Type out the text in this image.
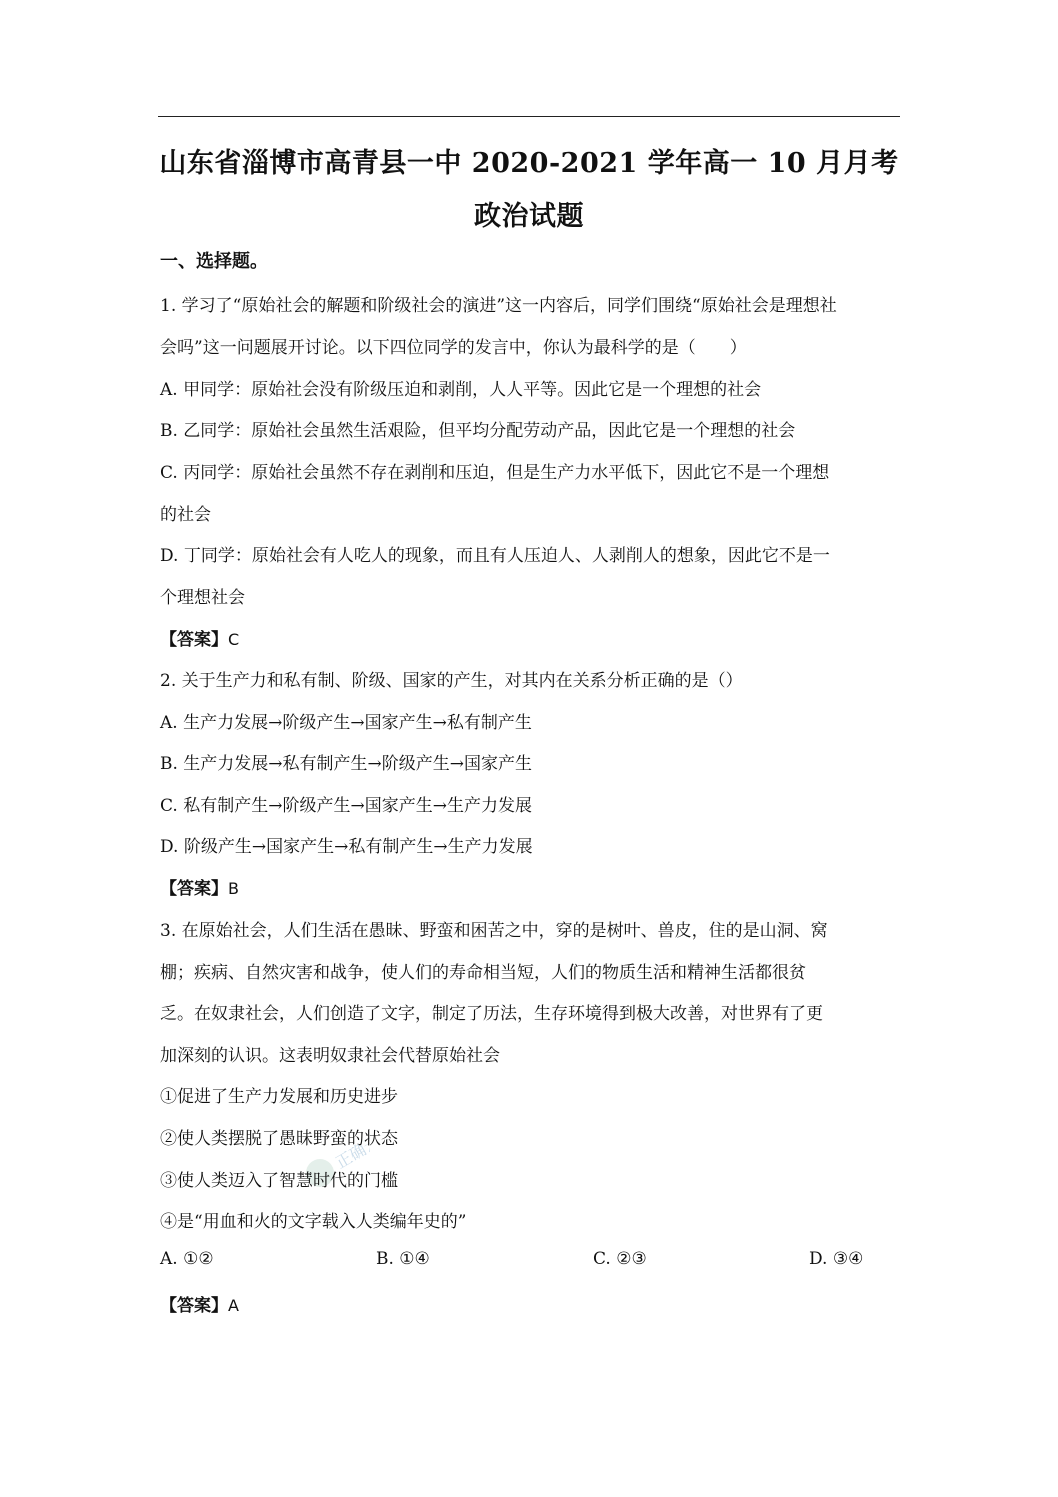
山东省淄博市高青县一中 2020-2021 学年高一 10 月月考
政治试题
一、选择题。 ​
正确云
1. 学习了“原始社会的解题和阶级社会的演进”这一内容后，同学们围绕“原始社会是理想社
会吗”这一问题展开讨论。以下四位同学的发言中，你认为最科学的是（　　）
A. 甲同学：原始社会没有阶级压迫和剥削，人人平等。因此它是一个理想的社会
B. 乙同学：原始社会虽然生活艰险，但平均分配劳动产品，因此它是一个理想的社会
C. 丙同学：原始社会虽然不存在剥削和压迫，但是生产力水平低下，因此它不是一个理想
的社会
D. 丁同学：原始社会有人吃人的现象，而且有人压迫人、人剥削人的想象，因此它不是一
个理想社会
【答案】C
2. 关于生产力和私有制、阶级、国家的产生，对其内在关系分析正确的是（）
A. 生产力发展→阶级产生→国家产生→私有制产生
B. 生产力发展→私有制产生→阶级产生→国家产生
C. 私有制产生→阶级产生→国家产生→生产力发展
D. 阶级产生→国家产生→私有制产生→生产力发展
【答案】B
3. 在原始社会，人们生活在愚昧、野蛮和困苦之中，穿的是树叶、兽皮，住的是山洞、窝
棚；疾病、自然灾害和战争，使人们的寿命相当短，人们的物质生活和精神生活都很贫
乏。在奴隶社会，人们创造了文字，制定了历法，生存环境得到极大改善，对世界有了更
加深刻的认识。这表明奴隶社会代替原始社会
①促进了生产力发展和历史进步
②使人类摆脱了愚昧野蛮的状态
③使人类迈入了智慧时代的门槛
④是“用血和火的文字载入人类编年史的”
A. ①②	B. ①④	C. ②③	D. ③④
【答案】A
